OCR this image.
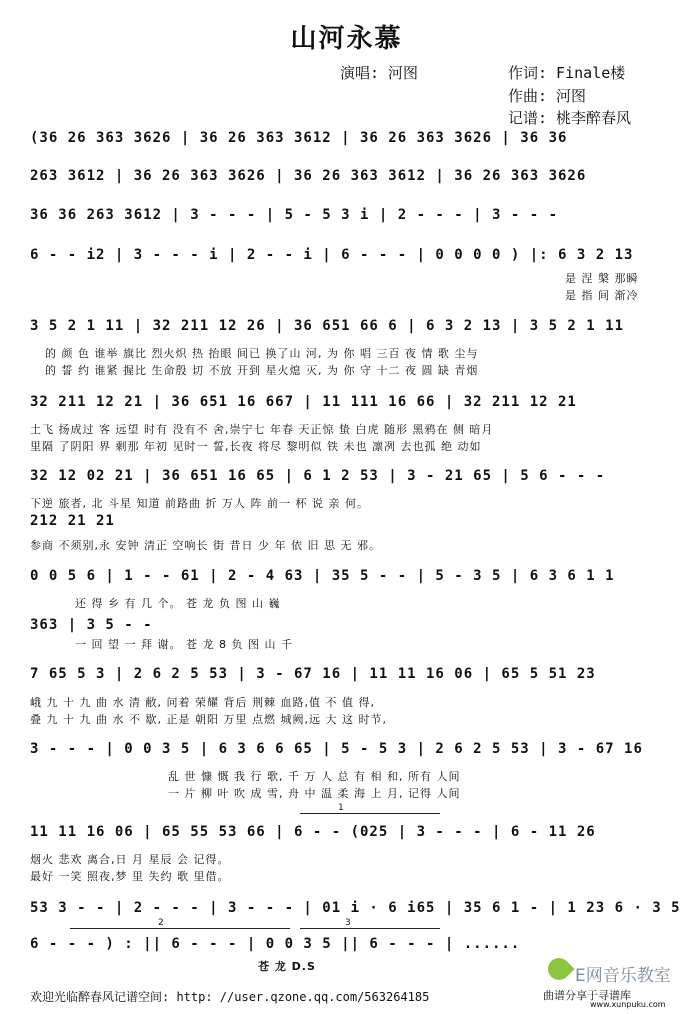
山河永慕
演唱: 河图	作词: Finale楼
作曲: 河图
记谱: 桃李醉春风
(36 26 363 3626 | 36 26 363 3612 | 36 26 363 3626 | 36 36
263 3612 | 36 26 363 3626 | 36 26 363 3612 | 36 26 363 3626
36 36 263 3612 | 3 - - - | 5 - 5 3 i | 2 - - - | 3 - - -
6 - - i2 | 3 - - - i | 2 - - i | 6 - - - | 0 0 0 0 ) |: 6 3 2 13
是 涅 槃 那瞬
是 指 间 渐冷
3 5 2 1 11 | 32 211 12 26 | 36 651 66 6 | 6 3 2 13 | 3 5 2 1 11
的 颜 色 谁举 旗比 烈火炽 热 抬眼 间已 换了山 河, 为 你 唱 三百 夜 情 歌 尘与
的 誓 约 谁紧 握比 生命殷 切 不放 开到 星火熄 灭, 为 你 守 十二 夜 圆 缺 青烟
32 211 12 21 | 36 651 16 667 | 11 111 16 66 | 32 211 12 21
土飞 扬成过 客 远望 时有 没有不 舍,崇宁七 年春 天正惊 蛰 白虎 随形 黑鸦在 侧 暗月
里隔 了阴阳 界 剩那 年初 见时一 誓,长夜 将尽 黎明似 铁 未也 凛冽 去也孤 绝 动如
32 12 02 21 | 36 651 16 65 | 6 1 2 53 | 3 - 21 65 | 5 6 - - -
下逆 旅者, 北 斗星 知道 前路曲 折 万人 阵 前一 杯 说 亲 何。
212 21 21
参商 不须别,永 安钟 清正 空响长 街 昔日 少 年 依 旧 思 无 邪。
0 0 5 6 | 1 - - 61 | 2 - 4 63 | 35 5 - - | 5 - 3 5 | 6 3 6 1 1
还 得 乡 有 几 个。 苍 龙 负 图 山 巍
363 | 3 5 - -
一 回 望 一 拜 谢。 苍 龙 8 负 图 山 千
7 65 5 3 | 2 6 2 5 53 | 3 - 67 16 | 11 11 16 06 | 65 5 51 23
峨 九 十 九 曲 水 清 敝, 问着 荣耀 背后 荆棘 血路,值 不 值 得,
叠 九 十 九 曲 水 不 歇, 正是 朝阳 万里 点燃 城阙,远 大 这 时节,
3 - - - | 0 0 3 5 | 6 3 6 6 65 | 5 - 5 3 | 2 6 2 5 53 | 3 - 67 16
乱 世 慷 慨 我 行 歌, 千 万 人 总 有 相 和, 所有 人间
一 片 柳 叶 吹 成 雪, 舟 中 温 柔 海 上 月, 记得 人间
1
11 11 16 06 | 65 55 53 66 | 6 - - (025 | 3 - - - | 6 - 11 26
烟火 悲欢 离合,日 月 星辰 会 记得。
最好 一笑 照夜,梦 里 失约 歌 里借。
2
53 3 - - | 2 - - - | 3 - - - | 01 i · 6 i65 | 35 6 1 - | 1 23 6 · 3 5
3
6 - - - ) : || 6 - - - | 0 0 3 5 || 6 - - - | ......
苍 龙 D.S
欢迎光临醉春风记谱空间: http: //user.qzone.qq.com/563264185
E网音乐教室
曲谱分享于寻谱库
www.xunpuku.com
